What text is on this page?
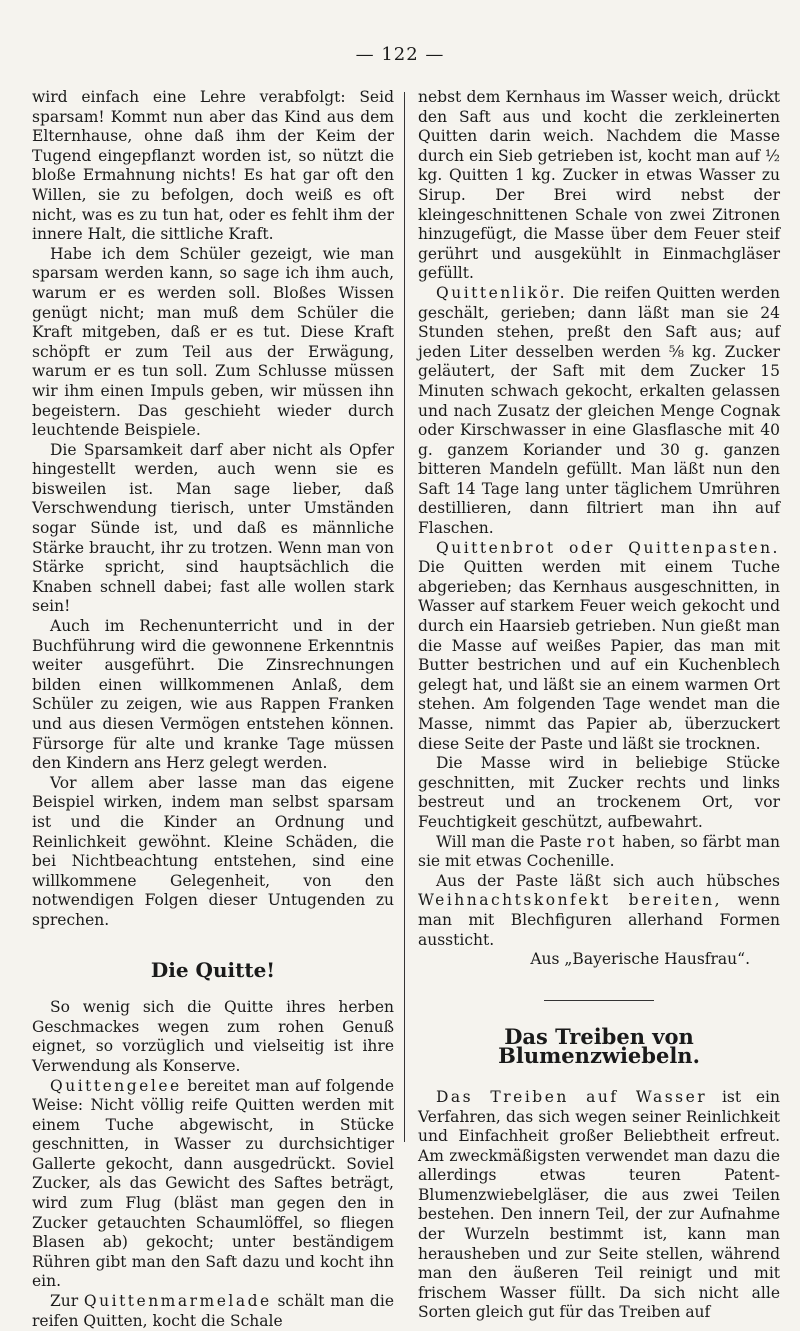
— 122 —

wird einfach eine Lehre verabfolgt: Seid sparsam! Kommt nun aber das Kind aus dem Elternhause, ohne daß ihm der Keim der Tugend eingepflanzt worden ist, so nützt die bloße Ermahnung nichts! Es hat gar oft den Willen, sie zu befolgen, doch weiß es oft nicht, was es zu tun hat, oder es fehlt ihm der innere Halt, die sittliche Kraft.

Habe ich dem Schüler gezeigt, wie man sparsam werden kann, so sage ich ihm auch, warum er es werden soll. Bloßes Wissen genügt nicht; man muß dem Schüler die Kraft mitgeben, daß er es tut. Diese Kraft schöpft er zum Teil aus der Erwägung, warum er es tun soll. Zum Schlusse müssen wir ihm einen Impuls geben, wir müssen ihn begeistern. Das geschieht wieder durch leuchtende Beispiele.

Die Sparsamkeit darf aber nicht als Opfer hingestellt werden, auch wenn sie es bisweilen ist. Man sage lieber, daß Verschwendung tierisch, unter Umständen sogar Sünde ist, und daß es männliche Stärke braucht, ihr zu trotzen. Wenn man von Stärke spricht, sind hauptsächlich die Knaben schnell dabei; fast alle wollen stark sein!

Auch im Rechenunterricht und in der Buchführung wird die gewonnene Erkenntnis weiter ausgeführt. Die Zinsrechnungen bilden einen willkommenen Anlaß, dem Schüler zu zeigen, wie aus Rappen Franken und aus diesen Vermögen entstehen können. Fürsorge für alte und kranke Tage müssen den Kindern ans Herz gelegt werden.

Vor allem aber lasse man das eigene Beispiel wirken, indem man selbst sparsam ist und die Kinder an Ordnung und Reinlichkeit gewöhnt. Kleine Schäden, die bei Nichtbeachtung entstehen, sind eine willkommene Gelegenheit, von den notwendigen Folgen dieser Untugenden zu sprechen.

Die Quitte!

So wenig sich die Quitte ihres herben Geschmackes wegen zum rohen Genuß eignet, so vorzüglich und vielseitig ist ihre Verwendung als Konserve.

Quittengelee bereitet man auf folgende Weise: Nicht völlig reife Quitten werden mit einem Tuche abgewischt, in Stücke geschnitten, in Wasser zu durchsichtiger Gallerte gekocht, dann ausgedrückt. Soviel Zucker, als das Gewicht des Saftes beträgt, wird zum Flug (bläst man gegen den in Zucker getauchten Schaumlöffel, so fliegen Blasen ab) gekocht; unter beständigem Rühren gibt man den Saft dazu und kocht ihn ein.

Zur Quittenmarmelade schält man die reifen Quitten, kocht die Schale

nebst dem Kernhaus im Wasser weich, drückt den Saft aus und kocht die zerkleinerten Quitten darin weich. Nachdem die Masse durch ein Sieb getrieben ist, kocht man auf ½ kg. Quitten 1 kg. Zucker in etwas Wasser zu Sirup. Der Brei wird nebst der kleingeschnittenen Schale von zwei Zitronen hinzugefügt, die Masse über dem Feuer steif gerührt und ausgekühlt in Einmachgläser gefüllt.

Quittenlikör. Die reifen Quitten werden geschält, gerieben; dann läßt man sie 24 Stunden stehen, preßt den Saft aus; auf jeden Liter desselben werden ⅝ kg. Zucker geläutert, der Saft mit dem Zucker 15 Minuten schwach gekocht, erkalten gelassen und nach Zusatz der gleichen Menge Cognak oder Kirschwasser in eine Glasflasche mit 40 g. ganzem Koriander und 30 g. ganzen bitteren Mandeln gefüllt. Man läßt nun den Saft 14 Tage lang unter täglichem Umrühren destillieren, dann filtriert man ihn auf Flaschen.

Quittenbrot oder Quittenpasten. Die Quitten werden mit einem Tuche abgerieben; das Kernhaus ausgeschnitten, in Wasser auf starkem Feuer weich gekocht und durch ein Haarsieb getrieben. Nun gießt man die Masse auf weißes Papier, das man mit Butter bestrichen und auf ein Kuchenblech gelegt hat, und läßt sie an einem warmen Ort stehen. Am folgenden Tage wendet man die Masse, nimmt das Papier ab, überzuckert diese Seite der Paste und läßt sie trocknen.

Die Masse wird in beliebige Stücke geschnitten, mit Zucker rechts und links bestreut und an trockenem Ort, vor Feuchtigkeit geschützt, aufbewahrt.

Will man die Paste rot haben, so färbt man sie mit etwas Cochenille.

Aus der Paste läßt sich auch hübsches Weihnachtskonfekt bereiten, wenn man mit Blechfiguren allerhand Formen aussticht.

Aus „Bayerische Hausfrau“.

Das Treiben von Blumenzwiebeln.

Das Treiben auf Wasser ist ein Verfahren, das sich wegen seiner Reinlichkeit und Einfachheit großer Beliebtheit erfreut. Am zweckmäßigsten verwendet man dazu die allerdings etwas teuren Patent-Blumenzwiebelgläser, die aus zwei Teilen bestehen. Den innern Teil, der zur Aufnahme der Wurzeln bestimmt ist, kann man herausheben und zur Seite stellen, während man den äußeren Teil reinigt und mit frischem Wasser füllt. Da sich nicht alle Sorten gleich gut für das Treiben auf
